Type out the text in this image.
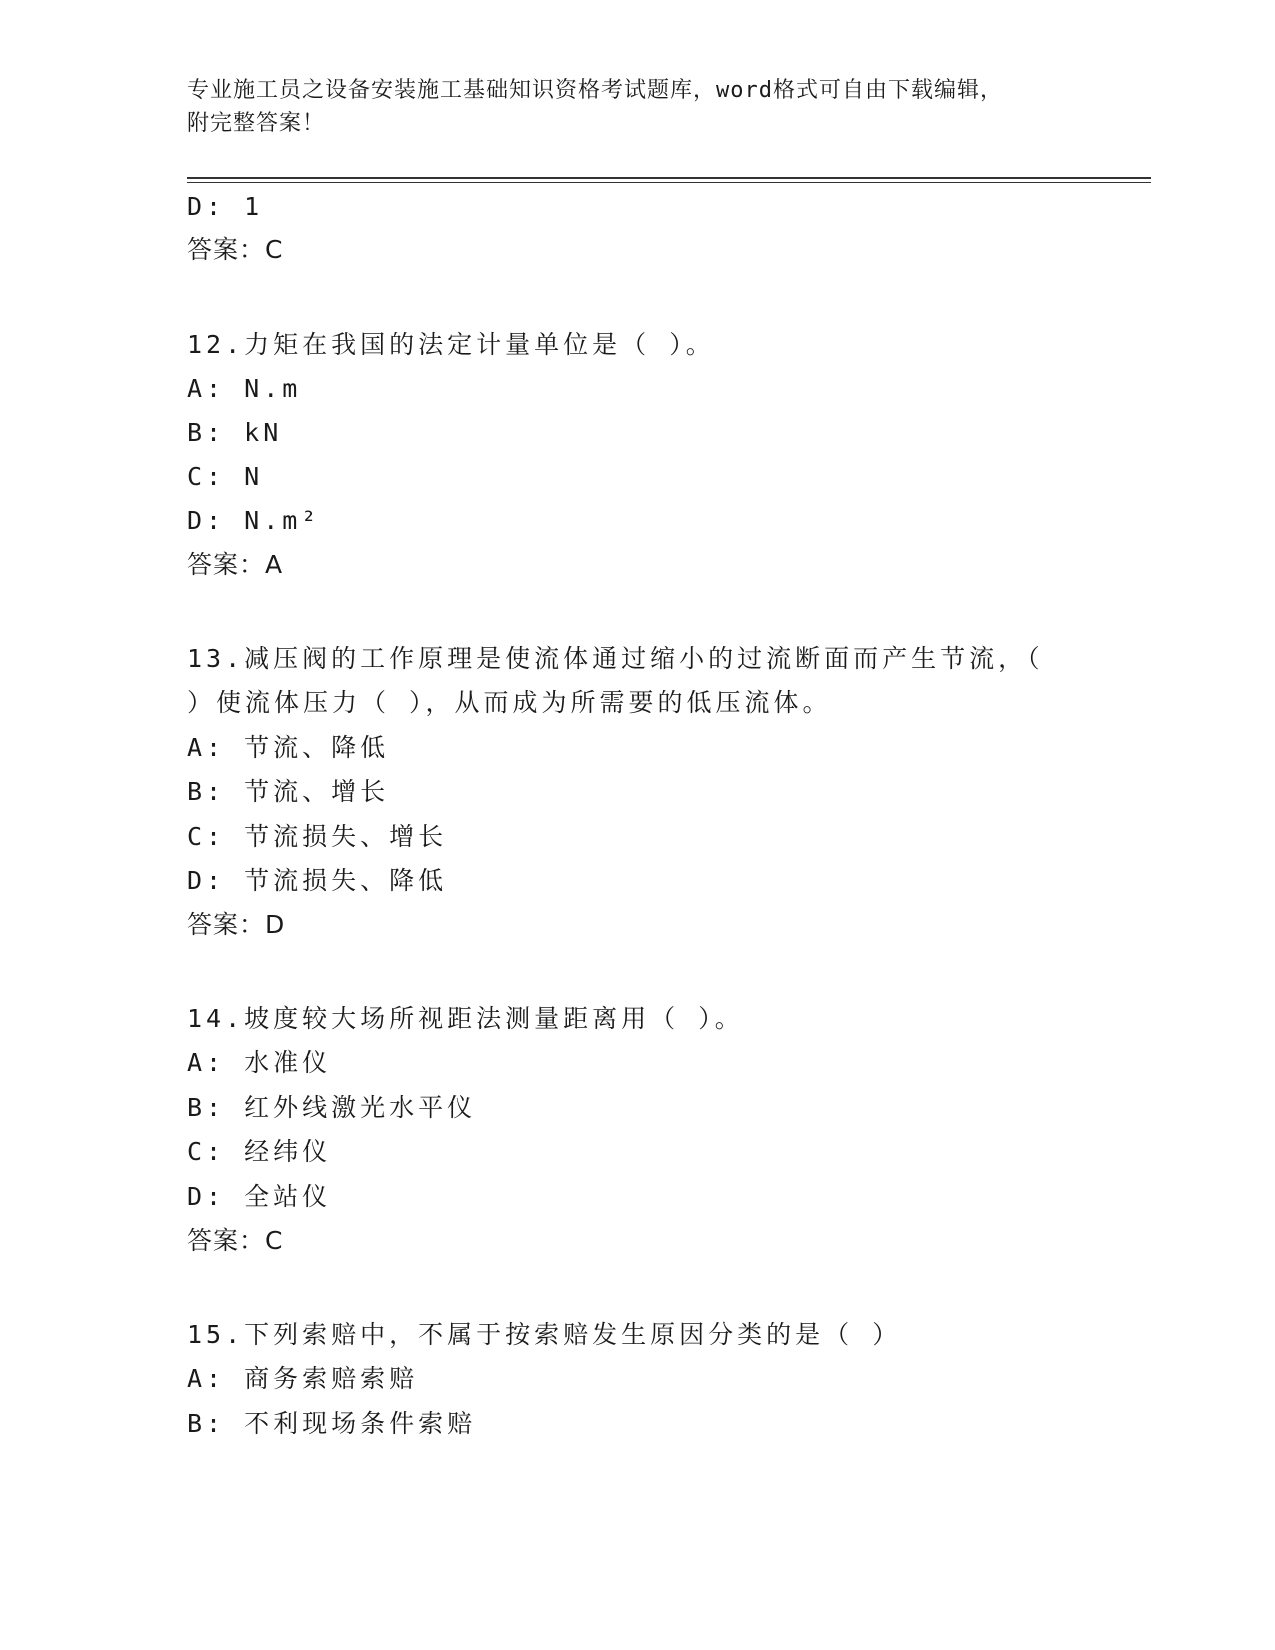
专业施工员之设备安装施工基础知识资格考试题库，word格式可自由下载编辑，
附完整答案！
D: 1
答案：C
12.力矩在我国的法定计量单位是（ ）。
A: N.m
B: kN
C: N
D: N.m²
答案：A
13.减压阀的工作原理是使流体通过缩小的过流断面而产生节流，（
）使流体压力（ ），从而成为所需要的低压流体。
A: 节流、降低
B: 节流、增长
C: 节流损失、增长
D: 节流损失、降低
答案：D
14.坡度较大场所视距法测量距离用（ ）。
A: 水准仪
B: 红外线激光水平仪
C: 经纬仪
D: 全站仪
答案：C
15.下列索赔中，不属于按索赔发生原因分类的是（ ）
A: 商务索赔索赔
B: 不利现场条件索赔
